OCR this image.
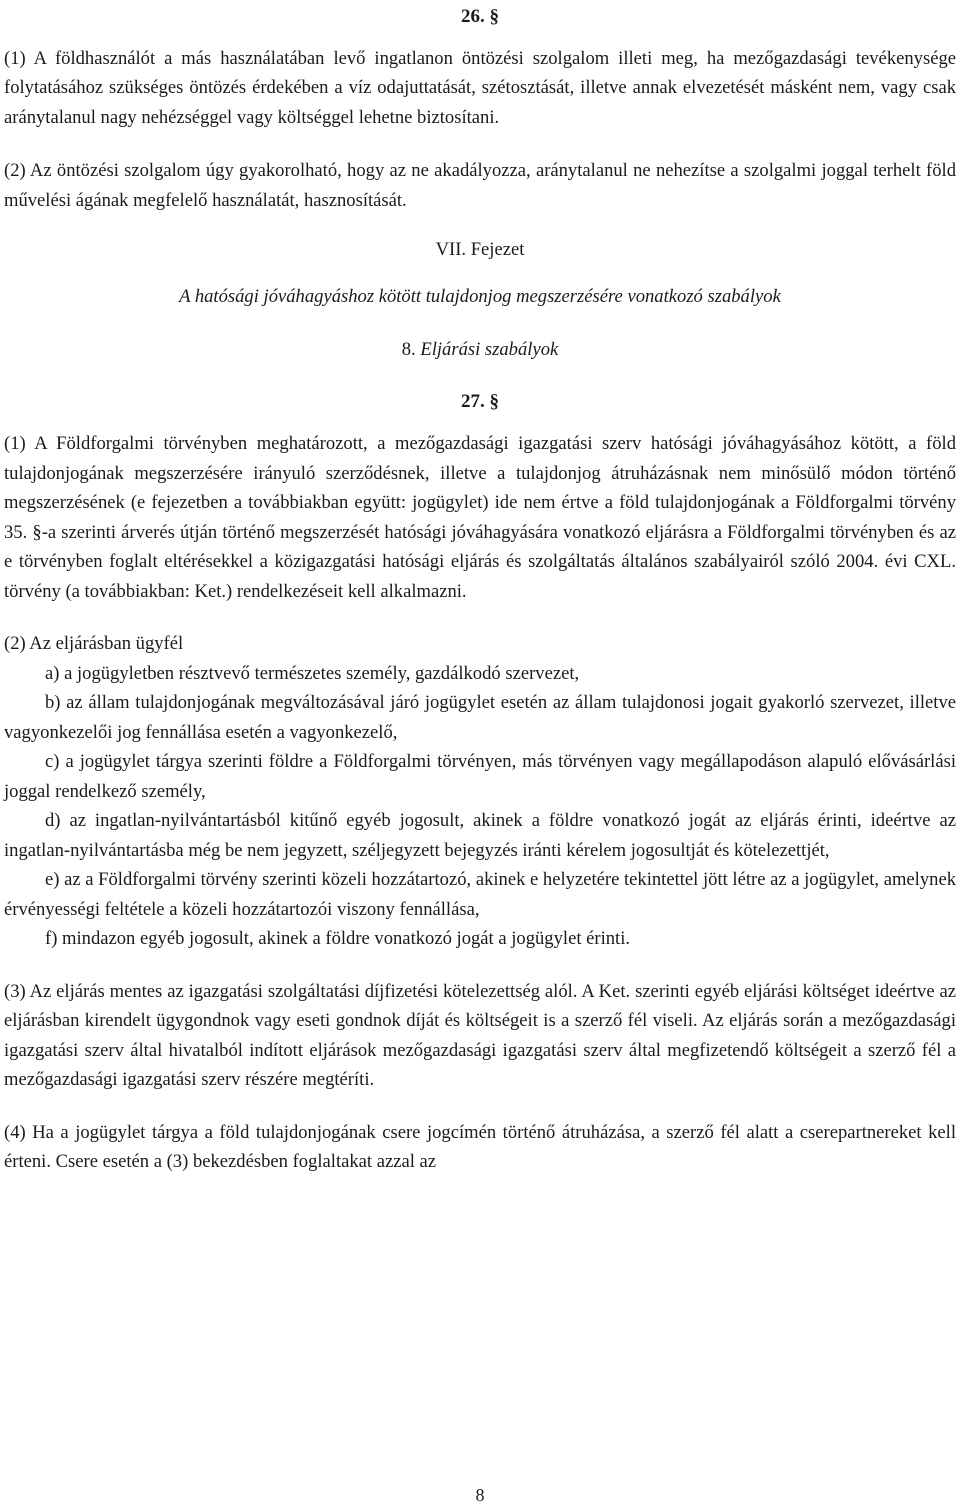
26. §

(1) A földhasználót a más használatában levő ingatlanon öntözési szolgalom illeti meg, ha mezőgazdasági tevékenysége folytatásához szükséges öntözés érdekében a víz odajuttatását, szétosztását, illetve annak elvezetését másként nem, vagy csak aránytalanul nagy nehézséggel vagy költséggel lehetne biztosítani.

(2) Az öntözési szolgalom úgy gyakorolható, hogy az ne akadályozza, aránytalanul ne nehezítse a szolgalmi joggal terhelt föld művelési ágának megfelelő használatát, hasznosítását.

VII. Fejezet
A hatósági jóváhagyáshoz kötött tulajdonjog megszerzésére vonatkozó szabályok
8. Eljárási szabályok
27. §

(1) A Földforgalmi törvényben meghatározott, a mezőgazdasági igazgatási szerv hatósági jóváhagyásához kötött, a föld tulajdonjogának megszerzésére irányuló szerződésnek, illetve a tulajdonjog átruházásnak nem minősülő módon történő megszerzésének (e fejezetben a továbbiakban együtt: jogügylet) ide nem értve a föld tulajdonjogának a Földforgalmi törvény 35. §-a szerinti árverés útján történő megszerzését hatósági jóváhagyására vonatkozó eljárásra a Földforgalmi törvényben és az e törvényben foglalt eltérésekkel a közigazgatási hatósági eljárás és szolgáltatás általános szabályairól szóló 2004. évi CXL. törvény (a továbbiakban: Ket.) rendelkezéseit kell alkalmazni.

(2) Az eljárásban ügyfél

a) a jogügyletben résztvevő természetes személy, gazdálkodó szervezet,

b) az állam tulajdonjogának megváltozásával járó jogügylet esetén az állam tulajdonosi jogait gyakorló szervezet, illetve vagyonkezelői jog fennállása esetén a vagyonkezelő,

c) a jogügylet tárgya szerinti földre a Földforgalmi törvényen, más törvényen vagy megállapodáson alapuló elővásárlási joggal rendelkező személy,

d) az ingatlan-nyilvántartásból kitűnő egyéb jogosult, akinek a földre vonatkozó jogát az eljárás érinti, ideértve az ingatlan-nyilvántartásba még be nem jegyzett, széljegyzett bejegyzés iránti kérelem jogosultját és kötelezettjét,

e) az a Földforgalmi törvény szerinti közeli hozzátartozó, akinek e helyzetére tekintettel jött létre az a jogügylet, amelynek érvényességi feltétele a közeli hozzátartozói viszony fennállása,

f) mindazon egyéb jogosult, akinek a földre vonatkozó jogát a jogügylet érinti.

(3) Az eljárás mentes az igazgatási szolgáltatási díjfizetési kötelezettség alól. A Ket. szerinti egyéb eljárási költséget ideértve az eljárásban kirendelt ügygondnok vagy eseti gondnok díját és költségeit is a szerző fél viseli. Az eljárás során a mezőgazdasági igazgatási szerv által hivatalból indított eljárások mezőgazdasági igazgatási szerv által megfizetendő költségeit a szerző fél a mezőgazdasági igazgatási szerv részére megtéríti.

(4) Ha a jogügylet tárgya a föld tulajdonjogának csere jogcímén történő átruházása, a szerző fél alatt a cserepartnereket kell érteni. Csere esetén a (3) bekezdésben foglaltakat azzal az

8
